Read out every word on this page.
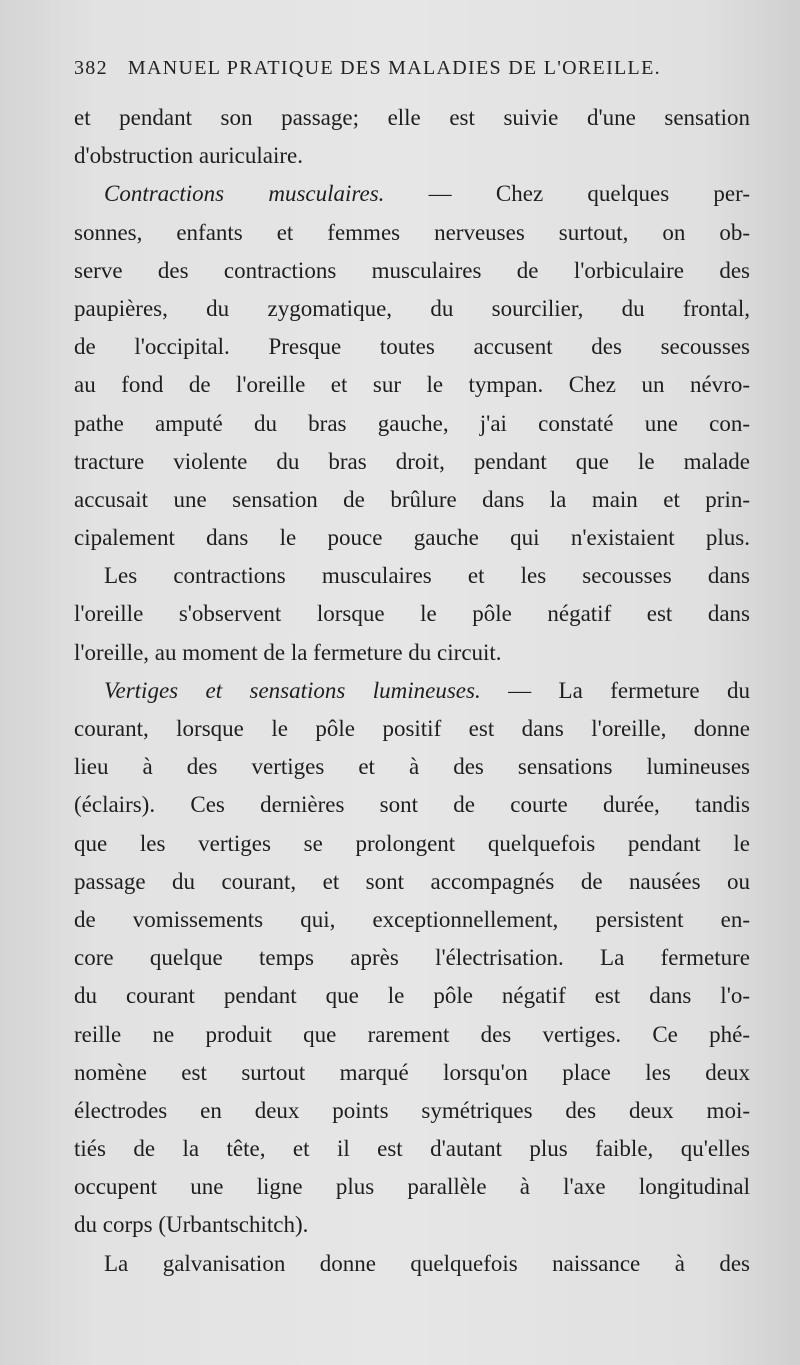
382 MANUEL PRATIQUE DES MALADIES DE L'OREILLE.
et pendant son passage; elle est suivie d'une sensation
d'obstruction auriculaire.
Contractions musculaires. — Chez quelques per-
sonnes, enfants et femmes nerveuses surtout, on ob-
serve des contractions musculaires de l'orbiculaire des
paupières, du zygomatique, du sourcilier, du frontal,
de l'occipital. Presque toutes accusent des secousses
au fond de l'oreille et sur le tympan. Chez un névro-
pathe amputé du bras gauche, j'ai constaté une con-
tracture violente du bras droit, pendant que le malade
accusait une sensation de brûlure dans la main et prin-
cipalement dans le pouce gauche qui n'existaient plus.
Les contractions musculaires et les secousses dans
l'oreille s'observent lorsque le pôle négatif est dans
l'oreille, au moment de la fermeture du circuit.
Vertiges et sensations lumineuses. — La fermeture du
courant, lorsque le pôle positif est dans l'oreille, donne
lieu à des vertiges et à des sensations lumineuses
(éclairs). Ces dernières sont de courte durée, tandis
que les vertiges se prolongent quelquefois pendant le
passage du courant, et sont accompagnés de nausées ou
de vomissements qui, exceptionnellement, persistent en-
core quelque temps après l'électrisation. La fermeture
du courant pendant que le pôle négatif est dans l'o-
reille ne produit que rarement des vertiges. Ce phé-
nomène est surtout marqué lorsqu'on place les deux
électrodes en deux points symétriques des deux moi-
tiés de la tête, et il est d'autant plus faible, qu'elles
occupent une ligne plus parallèle à l'axe longitudinal
du corps (Urbantschitch).
La galvanisation donne quelquefois naissance à des
